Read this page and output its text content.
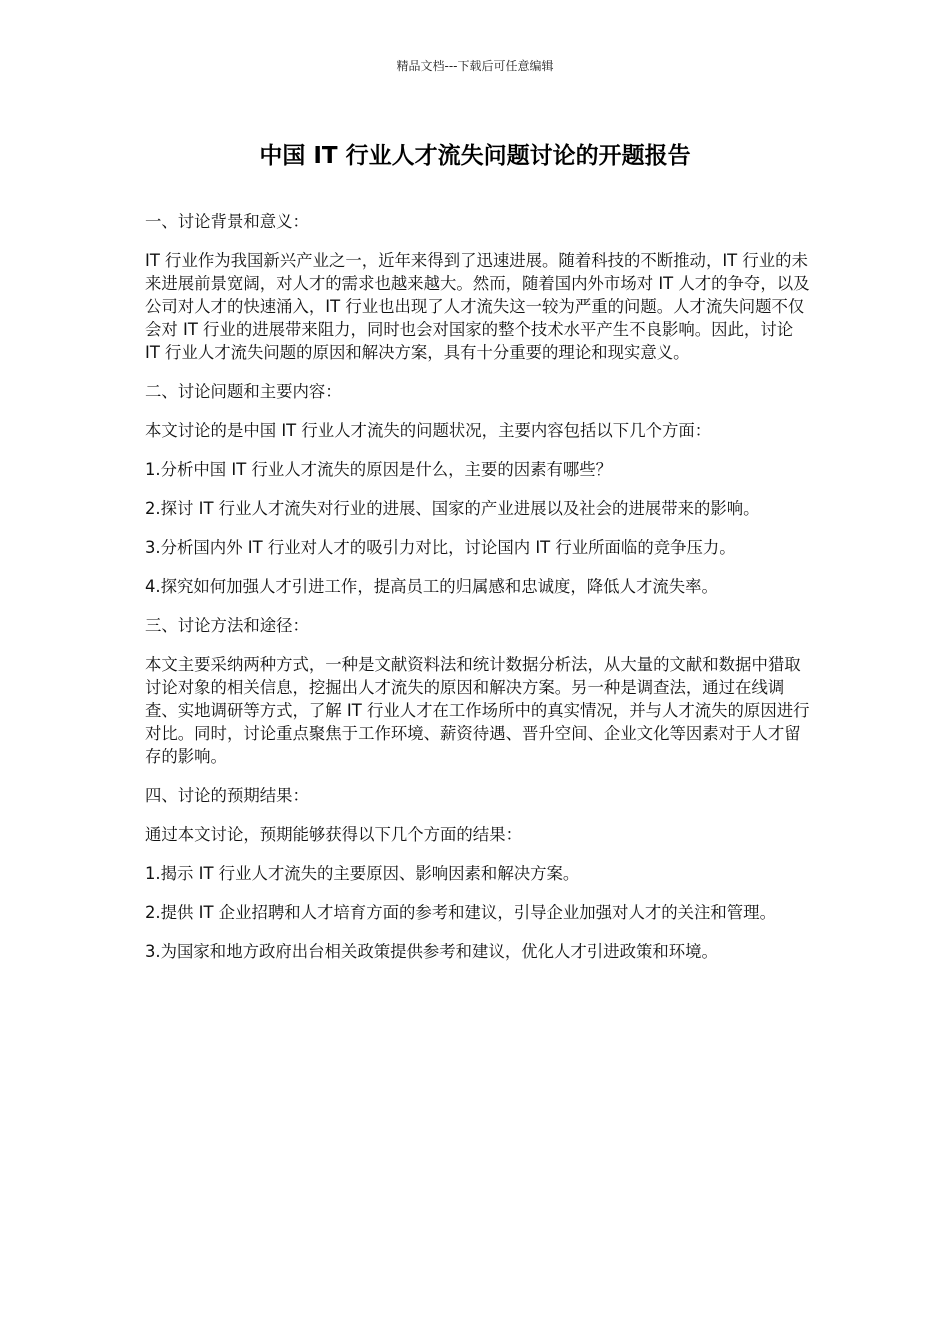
精品文档---下载后可任意编辑
中国 IT 行业人才流失问题讨论的开题报告

一、讨论背景和意义：

IT 行业作为我国新兴产业之一，近年来得到了迅速进展。随着科技的不断推动，IT 行业的未来进展前景宽阔，对人才的需求也越来越大。然而，随着国内外市场对 IT 人才的争夺，以及公司对人才的快速涌入，IT 行业也出现了人才流失这一较为严重的问题。人才流失问题不仅会对 IT 行业的进展带来阻力，同时也会对国家的整个技术水平产生不良影响。因此，讨论 IT 行业人才流失问题的原因和解决方案，具有十分重要的理论和现实意义。

二、讨论问题和主要内容：

本文讨论的是中国 IT 行业人才流失的问题状况，主要内容包括以下几个方面：

1.分析中国 IT 行业人才流失的原因是什么，主要的因素有哪些？

2.探讨 IT 行业人才流失对行业的进展、国家的产业进展以及社会的进展带来的影响。

3.分析国内外 IT 行业对人才的吸引力对比，讨论国内 IT 行业所面临的竞争压力。

4.探究如何加强人才引进工作，提高员工的归属感和忠诚度，降低人才流失率。

三、讨论方法和途径：

本文主要采纳两种方式，一种是文献资料法和统计数据分析法，从大量的文献和数据中猎取讨论对象的相关信息，挖掘出人才流失的原因和解决方案。另一种是调查法，通过在线调查、实地调研等方式，了解 IT 行业人才在工作场所中的真实情况，并与人才流失的原因进行对比。同时，讨论重点聚焦于工作环境、薪资待遇、晋升空间、企业文化等因素对于人才留存的影响。

四、讨论的预期结果：

通过本文讨论，预期能够获得以下几个方面的结果：

1.揭示 IT 行业人才流失的主要原因、影响因素和解决方案。

2.提供 IT 企业招聘和人才培育方面的参考和建议，引导企业加强对人才的关注和管理。

3.为国家和地方政府出台相关政策提供参考和建议，优化人才引进政策和环境。
